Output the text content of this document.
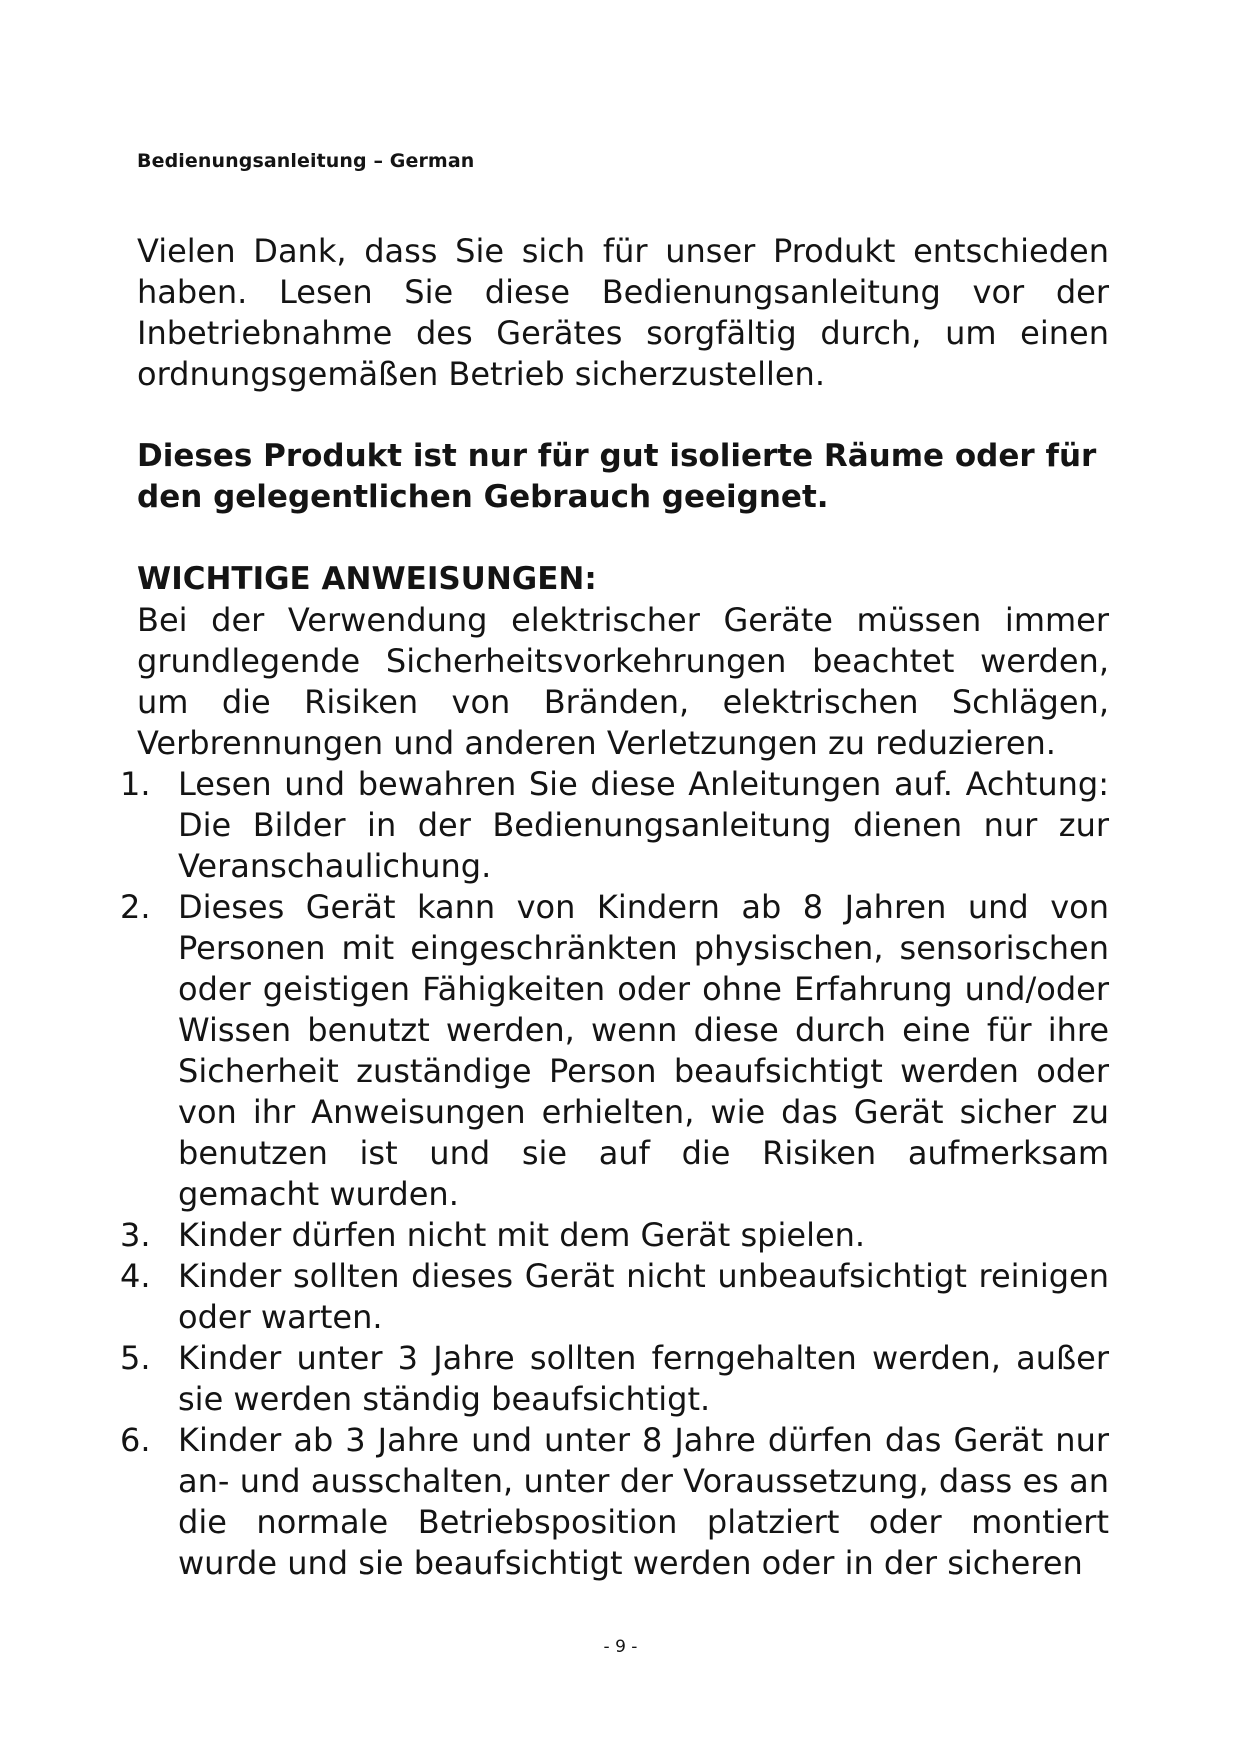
Bedienungsanleitung – German

Vielen Dank, dass Sie sich für unser Produkt entschieden haben. Lesen Sie diese Bedienungsanleitung vor der Inbetriebnahme des Gerätes sorgfältig durch, um einen ordnungsgemäßen Betrieb sicherzustellen.

Dieses Produkt ist nur für gut isolierte Räume oder für den gelegentlichen Gebrauch geeignet.

WICHTIGE ANWEISUNGEN:

Bei der Verwendung elektrischer Geräte müssen immer grundlegende Sicherheitsvorkehrungen beachtet werden, um die Risiken von Bränden, elektrischen Schlägen, Verbrennungen und anderen Verletzungen zu reduzieren.

1. Lesen und bewahren Sie diese Anleitungen auf. Achtung: Die Bilder in der Bedienungsanleitung dienen nur zur Veranschaulichung.
2. Dieses Gerät kann von Kindern ab 8 Jahren und von Personen mit eingeschränkten physischen, sensorischen oder geistigen Fähigkeiten oder ohne Erfahrung und/oder Wissen benutzt werden, wenn diese durch eine für ihre Sicherheit zuständige Person beaufsichtigt werden oder von ihr Anweisungen erhielten, wie das Gerät sicher zu benutzen ist und sie auf die Risiken aufmerksam gemacht wurden.
3. Kinder dürfen nicht mit dem Gerät spielen.
4. Kinder sollten dieses Gerät nicht unbeaufsichtigt reinigen oder warten.
5. Kinder unter 3 Jahre sollten ferngehalten werden, außer sie werden ständig beaufsichtigt.
6. Kinder ab 3 Jahre und unter 8 Jahre dürfen das Gerät nur an- und ausschalten, unter der Voraussetzung, dass es an die normale Betriebsposition platziert oder montiert wurde und sie beaufsichtigt werden oder in der sicheren
- 9 -
